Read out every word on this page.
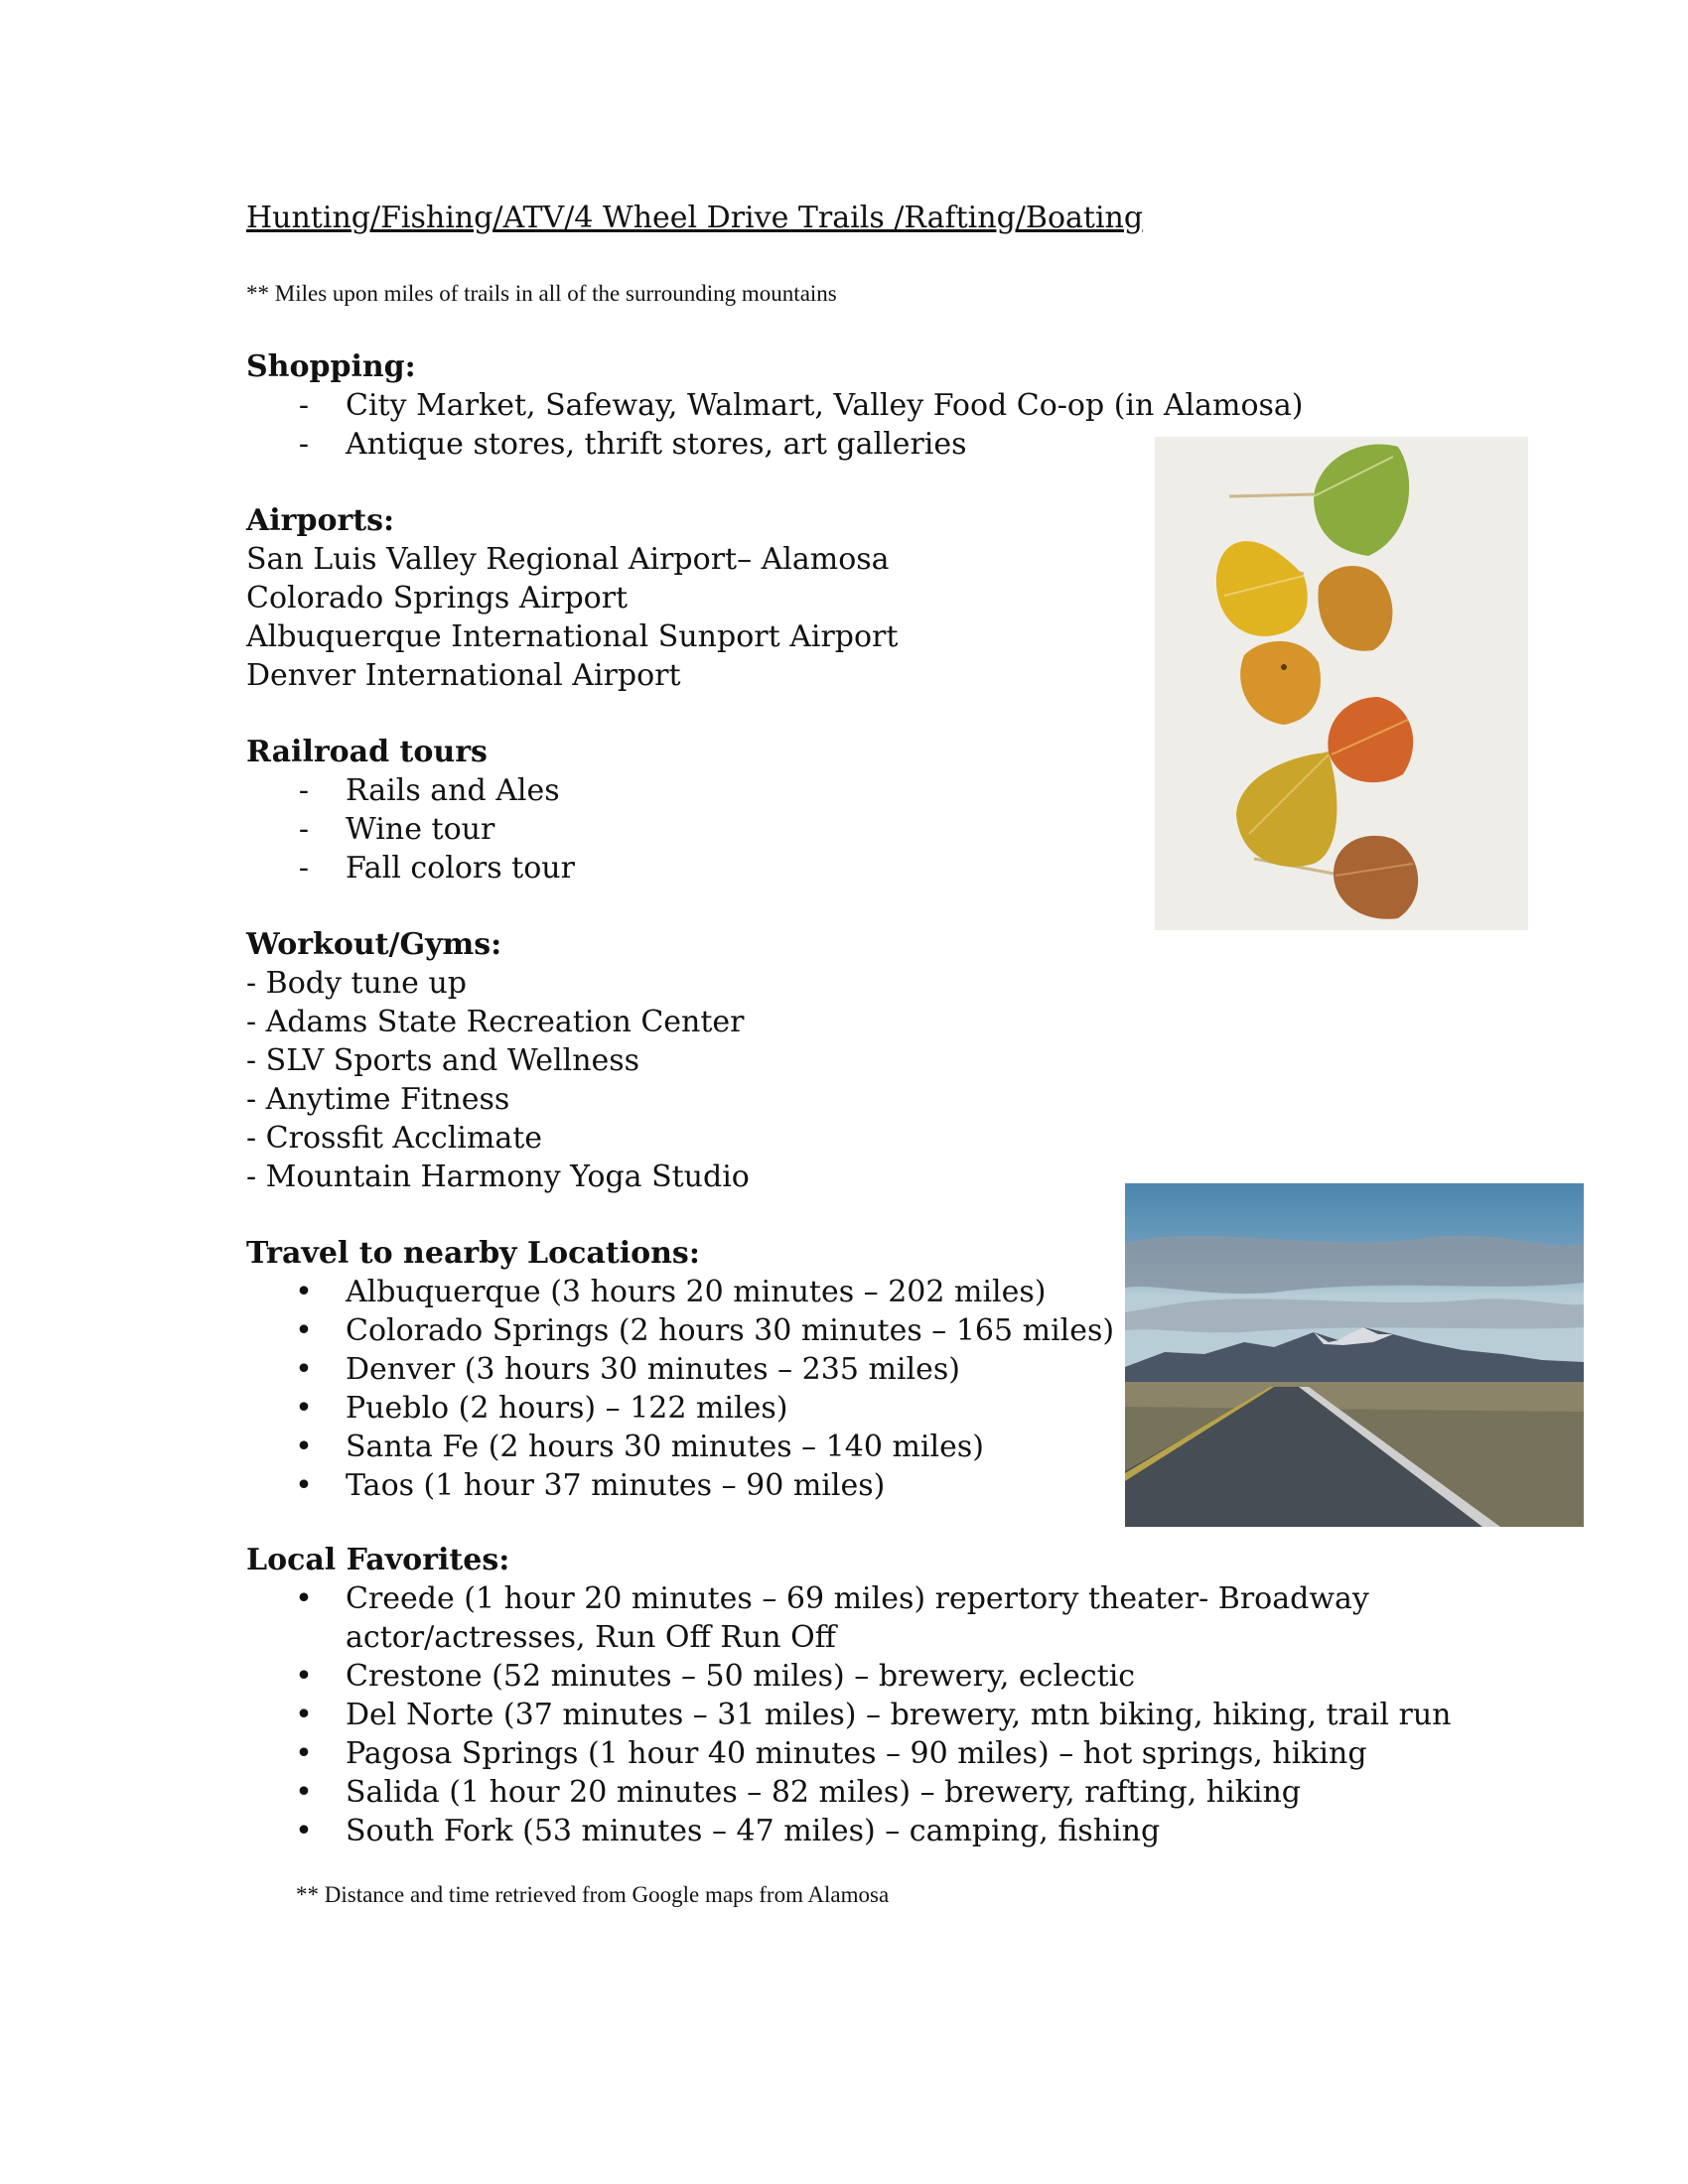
Hunting/Fishing/ATV/4 Wheel Drive Trails /Rafting/Boating
** Miles upon miles of trails in all of the surrounding mountains
Shopping:
- City Market, Safeway, Walmart, Valley Food Co-op (in Alamosa)
- Antique stores, thrift stores, art galleries
Airports:
San Luis Valley Regional Airport– Alamosa
Colorado Springs Airport
Albuquerque International Sunport Airport
Denver International Airport
Railroad tours
- Rails and Ales
- Wine tour
- Fall colors tour
Workout/Gyms:
- Body tune up
- Adams State Recreation Center
- SLV Sports and Wellness
- Anytime Fitness
- Crossfit Acclimate
- Mountain Harmony Yoga Studio
Travel to nearby Locations:
• Albuquerque (3 hours 20 minutes – 202 miles)
• Colorado Springs (2 hours 30 minutes – 165 miles)
• Denver (3 hours 30 minutes – 235 miles)
• Pueblo (2 hours) – 122 miles)
• Santa Fe (2 hours 30 minutes – 140 miles)
• Taos (1 hour 37 minutes – 90 miles)
Local Favorites:
• Creede (1 hour 20 minutes – 69 miles) repertory theater- Broadway
actor/actresses, Run Off Run Off
• Crestone (52 minutes – 50 miles) – brewery, eclectic
• Del Norte (37 minutes – 31 miles) – brewery, mtn biking, hiking, trail run
• Pagosa Springs (1 hour 40 minutes – 90 miles) – hot springs, hiking
• Salida (1 hour 20 minutes – 82 miles) – brewery, rafting, hiking
• South Fork (53 minutes – 47 miles) – camping, fishing
** Distance and time retrieved from Google maps from Alamosa
